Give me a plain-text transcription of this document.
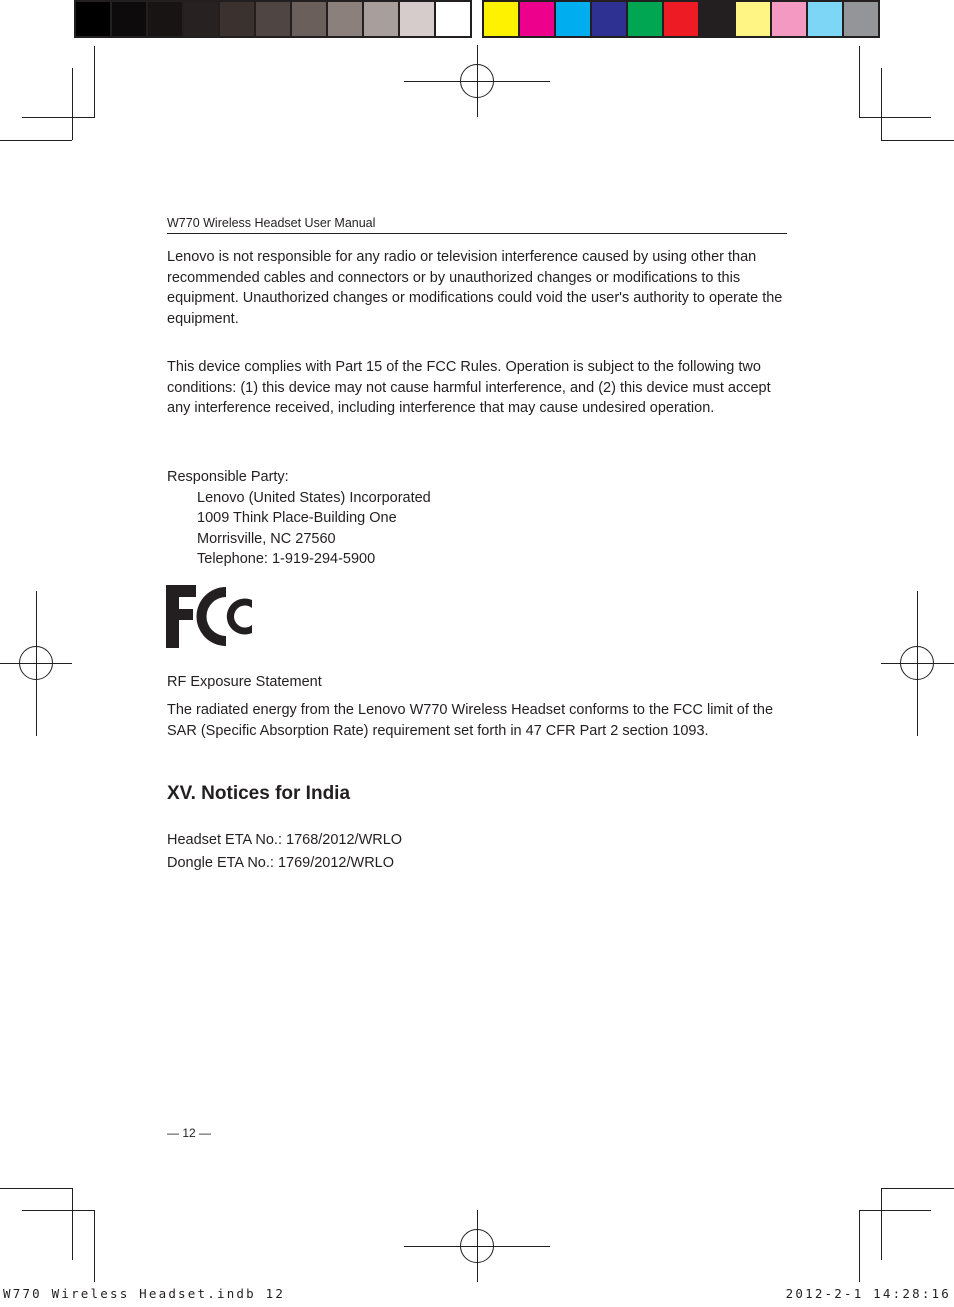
W770 Wireless Headset User Manual
Lenovo is not responsible for any radio or television interference caused by using other than recommended cables and connectors or by unauthorized changes or modifications to this equipment. Unauthorized changes or modifications could void the user's authority to operate the equipment.
This device complies with Part 15 of the FCC Rules. Operation is subject to the following two conditions: (1) this device may not cause harmful interference, and (2) this device must accept any interference received, including interference that may cause undesired operation.
Responsible Party:
Lenovo (United States) Incorporated
1009 Think Place-Building One
Morrisville, NC 27560
Telephone: 1-919-294-5900
FC
RF Exposure Statement
The radiated energy from the Lenovo W770 Wireless Headset conforms to the FCC limit of the SAR (Specific Absorption Rate) requirement set forth in 47 CFR Part 2 section 1093.
XV. Notices for India
Headset ETA No.: 1768/2012/WRLO
Dongle ETA No.: 1769/2012/WRLO
— 12 —
W770 Wireless Headset.indb 12	2012-2-1 14:28:16
